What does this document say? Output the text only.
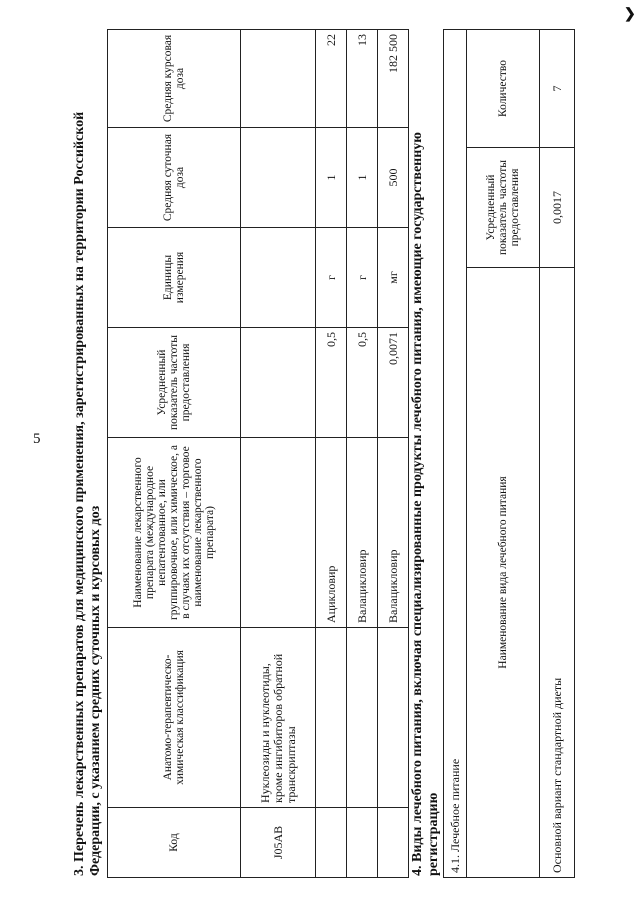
5
❯
3. Перечень лекарственных препаратов для медицинского применения, зарегистрированных на территории Российской Федерации, с указанием средних суточных и курсовых доз	Код	Анатомо-терапевтическо-химическая классификация	Наименование лекарственного препарата (международное непатентованное, или группировочное, или химическое, а в случаях их отсутствия – торговое наименование лекарственного препарата)	Усредненный показатель частоты предоставления	Единицы измерения	Средняя суточная доза	Средняя курсовая доза
J05AB	Нуклеозиды и нуклеотиды, кроме ингибиторов обратной транскриптазы					
		Ацикловир	0,5	г	1	22
		Валацикловир	0,5	г	1	13
		Валацикловир	0,0071	мг	500	182 500
4. Виды лечебного питания, включая специализированные продукты лечебного питания, имеющие государственную регистрацию 4.1. Лечебное питание		
Наименование вида лечебного питания	Усредненный показатель частоты предоставления	Количество
Основной вариант стандартной диеты	0,0017	7
